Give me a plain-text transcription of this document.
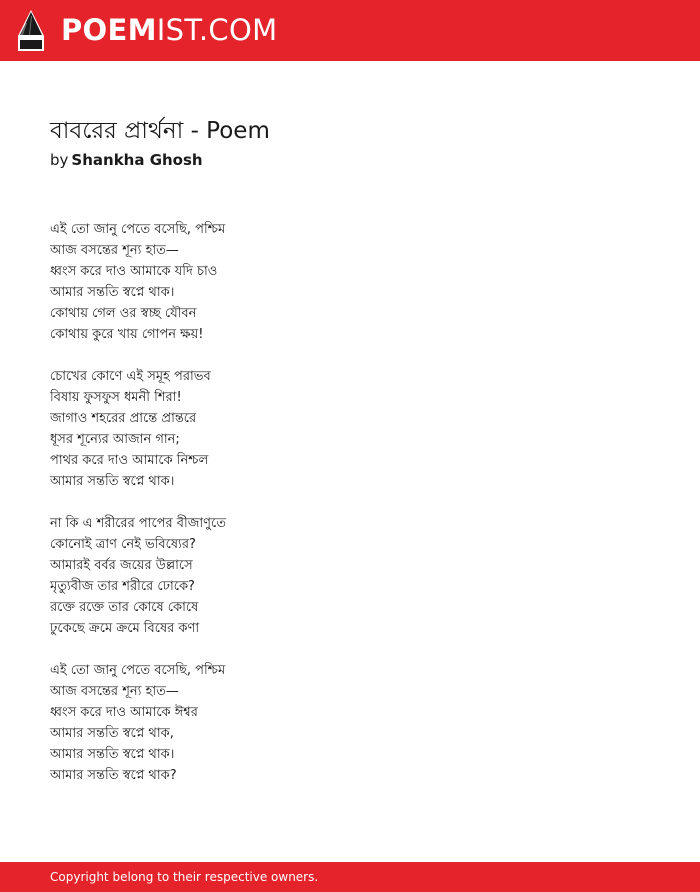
POEMIST.COM
বাবরের প্রার্থনা - Poem
by Shankha Ghosh
এই তো জানু পেতে বসেছি, পশ্চিম
আজ বসন্তের শূন্য হাত—
ধ্বংস করে দাও আমাকে যদি চাও
আমার সন্ততি স্বপ্নে থাক।
কোথায় গেল ওর স্বচ্ছ যৌবন
কোথায় কুরে খায় গোপন ক্ষয়!
চোখের কোণে এই সমূহ পরাভব
বিষায় ফুসফুস ধমনী শিরা!
জাগাও শহরের প্রান্তে প্রান্তরে
ধূসর শূন্যের আজান গান;
পাথর করে দাও আমাকে নিশ্চল
আমার সন্ততি স্বপ্নে থাক।
না কি এ শরীরের পাপের বীজাণুতে
কোনোই ত্রাণ নেই ভবিষ্যের?
আমারই বর্বর জয়ের উল্লাসে
মৃত্যুবীজ তার শরীরে ঢোকে?
রক্তে রক্তে তার কোষে কোষে
ঢুকেছে ক্রমে ক্রমে বিষের কণা
এই তো জানু পেতে বসেছি, পশ্চিম
আজ বসন্তের শূন্য হাত—
ধ্বংস করে দাও আমাকে ঈশ্বর
আমার সন্ততি স্বপ্নে থাক,
আমার সন্ততি স্বপ্নে থাক।
আমার সন্ততি স্বপ্নে থাক?
Copyright belong to their respective owners.
